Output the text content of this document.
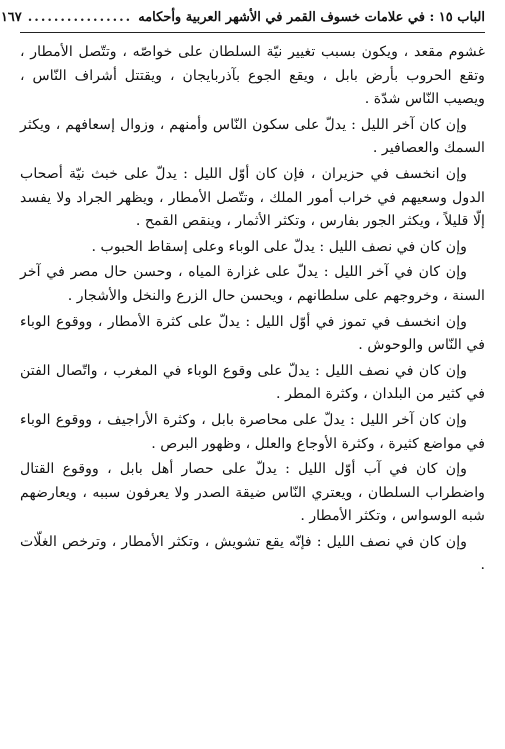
الباب ١٥ : في علامات خسوف القمر في الأشهر العربية وأحكامه
................
١٦٧

غشوم مقعد ، ويكون بسبب تغيير نيّة السلطان على خواصّه ، وتتّصل الأمطار ، وتقع الحروب بأرض بابل ، ويقع الجوع بآذربايجان ، ويقتتل أشراف النّاس ، ويصيب النّاس شدّة .

وإن كان آخر الليل : يدلّ على سكون النّاس وأمنهم ، وزوال إسعافهم ، ويكثر السمك والعصافير .

وإن انخسف في حزيران ، فإن كان أوّل الليل : يدلّ على خبث نيّة أصحاب الدول وسعيهم في خراب أمور الملك ، وتتّصل الأمطار ، ويظهر الجراد ولا يفسد إلّا قليلاً ، ويكثر الجور بفارس ، وتكثر الأثمار ، وينقص القمح .

وإن كان في نصف الليل : يدلّ على الوباء وعلى إسقاط الحبوب .

وإن كان في آخر الليل : يدلّ على غزارة المياه ، وحسن حال مصر في آخر السنة ، وخروجهم على سلطانهم ، ويحسن حال الزرع والنخل والأشجار .

وإن انخسف في تموز في أوّل الليل : يدلّ على كثرة الأمطار ، ووقوع الوباء في النّاس والوحوش .

وإن كان في نصف الليل : يدلّ على وقوع الوباء في المغرب ، واتّصال الفتن في كثير من البلدان ، وكثرة المطر .

وإن كان آخر الليل : يدلّ على محاصرة بابل ، وكثرة الأراجيف ، ووقوع الوباء في مواضع كثيرة ، وكثرة الأوجاع والعلل ، وظهور البرص .

وإن كان في آب أوّل الليل : يدلّ على حصار أهل بابل ، ووقوع القتال واضطراب السلطان ، ويعتري النّاس ضيقة الصدر ولا يعرفون سببه ، ويعارضهم شبه الوسواس ، وتكثر الأمطار .

وإن كان في نصف الليل : فإنّه يقع تشويش ، وتكثر الأمطار ، وترخص الغلّات .
